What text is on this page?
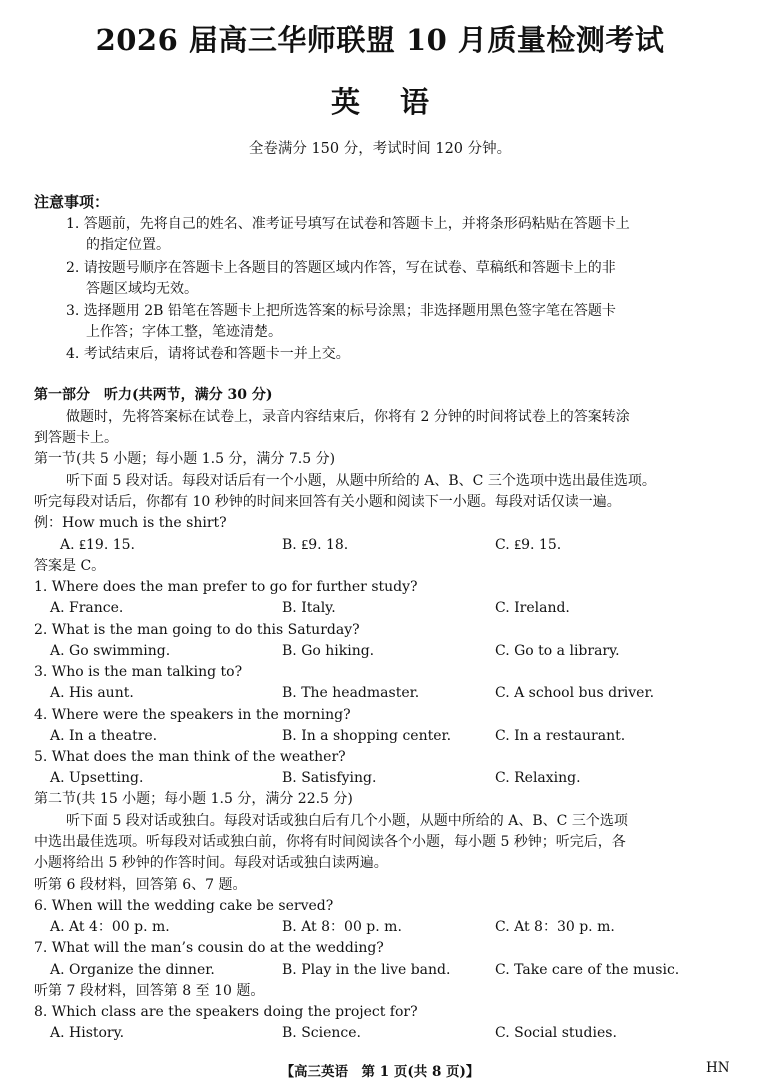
2026 届高三华师联盟 10 月质量检测考试
英语
全卷满分 150 分，考试时间 120 分钟。
注意事项：
1. 答题前，先将自己的姓名、准考证号填写在试卷和答题卡上，并将条形码粘贴在答题卡上
的指定位置。
2. 请按题号顺序在答题卡上各题目的答题区域内作答，写在试卷、草稿纸和答题卡上的非
答题区域均无效。
3. 选择题用 2B 铅笔在答题卡上把所选答案的标号涂黑；非选择题用黑色签字笔在答题卡
上作答；字体工整，笔迹清楚。
4. 考试结束后，请将试卷和答题卡一并上交。
第一部分　听力(共两节，满分 30 分)
做题时，先将答案标在试卷上，录音内容结束后，你将有 2 分钟的时间将试卷上的答案转涂
到答题卡上。
第一节(共 5 小题；每小题 1.5 分，满分 7.5 分)
听下面 5 段对话。每段对话后有一个小题，从题中所给的 A、B、C 三个选项中选出最佳选项。
听完每段对话后，你都有 10 秒钟的时间来回答有关小题和阅读下一小题。每段对话仅读一遍。
例：How much is the shirt?
A. ₤19. 15.	B. ₤9. 18.	C. ₤9. 15.
答案是 C。
1. Where does the man prefer to go for further study?
A. France.	B. Italy.	C. Ireland.
2. What is the man going to do this Saturday?
A. Go swimming.	B. Go hiking.	C. Go to a library.
3. Who is the man talking to?
A. His aunt.	B. The headmaster.	C. A school bus driver.
4. Where were the speakers in the morning?
A. In a theatre.	B. In a shopping center.	C. In a restaurant.
5. What does the man think of the weather?
A. Upsetting.	B. Satisfying.	C. Relaxing.
第二节(共 15 小题；每小题 1.5 分，满分 22.5 分)
听下面 5 段对话或独白。每段对话或独白后有几个小题，从题中所给的 A、B、C 三个选项
中选出最佳选项。听每段对话或独白前，你将有时间阅读各个小题，每小题 5 秒钟；听完后，各
小题将给出 5 秒钟的作答时间。每段对话或独白读两遍。
听第 6 段材料，回答第 6、7 题。
6. When will the wedding cake be served?
A. At 4：00 p. m.	B. At 8：00 p. m.	C. At 8：30 p. m.
7. What will the man’s cousin do at the wedding?
A. Organize the dinner.	B. Play in the live band.	C. Take care of the music.
听第 7 段材料，回答第 8 至 10 题。
8. Which class are the speakers doing the project for?
A. History.	B. Science.	C. Social studies.
【高三英语　第 1 页(共 8 页)】	HN
